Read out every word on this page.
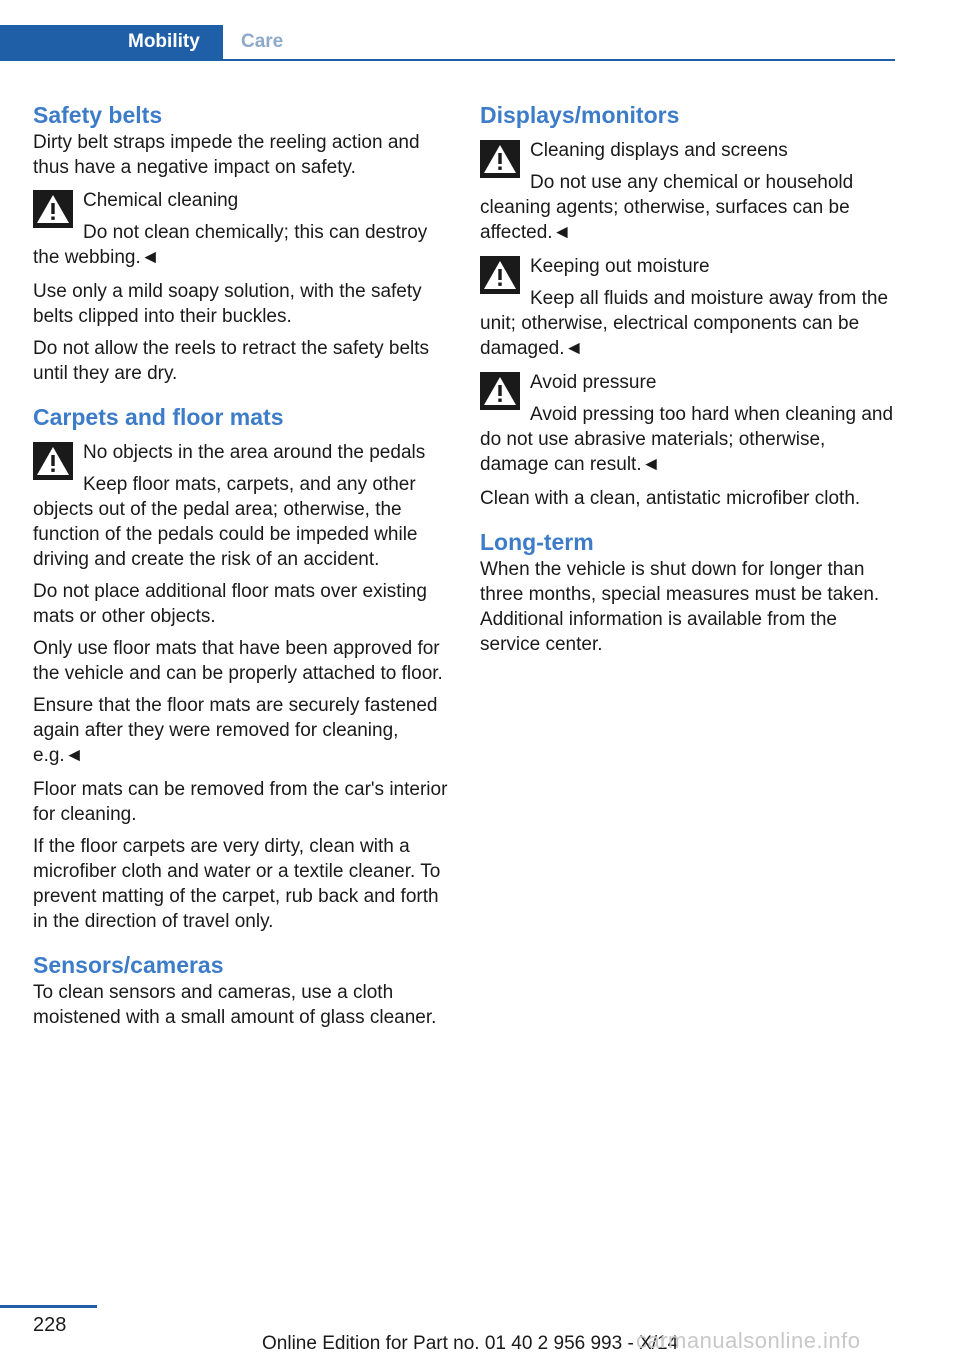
Mobility Care
Safety belts

Dirty belt straps impede the reeling action and thus have a negative impact on safety.

Chemical cleaning
Do not clean chemically; this can destroy the webbing.◄

Use only a mild soapy solution, with the safety belts clipped into their buckles.

Do not allow the reels to retract the safety belts until they are dry.

Carpets and floor mats
No objects in the area around the pedals
Keep floor mats, carpets, and any other objects out of the pedal area; otherwise, the function of the pedals could be impeded while driving and create the risk of an accident.

Do not place additional floor mats over existing mats or other objects.

Only use floor mats that have been approved for the vehicle and can be properly attached to floor.

Ensure that the floor mats are securely fastened again after they were removed for cleaning, e.g.◄

Floor mats can be removed from the car's interior for cleaning.

If the floor carpets are very dirty, clean with a microfiber cloth and water or a textile cleaner. To prevent matting of the carpet, rub back and forth in the direction of travel only.

Sensors/cameras

To clean sensors and cameras, use a cloth moistened with a small amount of glass cleaner.

Displays/monitors
Cleaning displays and screens
Do not use any chemical or household cleaning agents; otherwise, surfaces can be affected.◄
Keeping out moisture
Keep all fluids and moisture away from the unit; otherwise, electrical components can be damaged.◄
Avoid pressure
Avoid pressing too hard when cleaning and do not use abrasive materials; otherwise, damage can result.◄

Clean with a clean, antistatic microfiber cloth.

Long-term

When the vehicle is shut down for longer than three months, special measures must be taken. Additional information is available from the service center.

228
Online Edition for Part no. 01 40 2 956 993 - X/14
carmanualsonline.info
